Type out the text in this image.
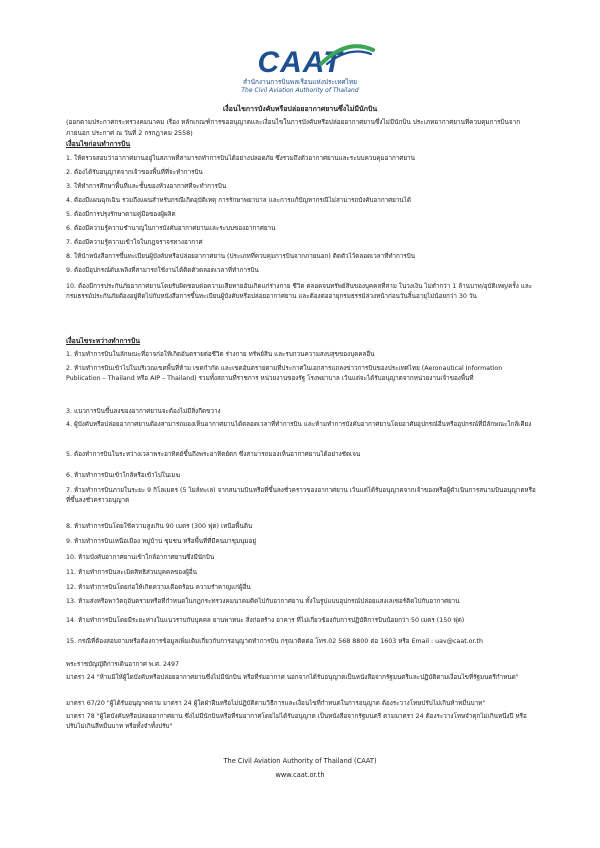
CAAT
สำนักงานการบินพลเรือนแห่งประเทศไทย
The Civil Aviation Authority of Thailand
เงื่อนไขการบังคับหรือปล่อยอากาศยานซึ่งไม่มีนักบิน
(ออกตามประกาศกระทรวงคมนาคม เรื่อง หลักเกณฑ์การขออนุญาตและเงื่อนไขในการบังคับหรือปล่อยอากาศยานซึ่งไม่มีนักบิน ประเภทอากาศยานที่ควบคุมการบินจากภายนอก ประกาศ ณ วันที่ 2 กรกฎาคม 2558)
เงื่อนไขก่อนทำการบิน
1. ให้ตรวจสอบว่าอากาศยานอยู่ในสภาพที่สามารถทำการบินได้อย่างปลอดภัย ซึ่งรวมถึงตัวอากาศยานและระบบควบคุมอากาศยาน
2. ต้องได้รับอนุญาตจากเจ้าของพื้นที่ที่จะทำการบิน
3. ให้ทำการศึกษาพื้นที่และชั้นของห้วงอากาศที่จะทำการบิน
4. ต้องมีแผนฉุกเฉิน รวมถึงแผนสำหรับกรณีเกิดอุบัติเหตุ การรักษาพยาบาล และการแก้ปัญหากรณีไม่สามารถบังคับอากาศยานได้
5. ต้องมีการปรุงรักษาตามคู่มือของผู้ผลิต
6. ต้องมีความรู้ความชำนาญในการบังคับอากาศยานและระบบของอากาศยาน
7. ต้องมีความรู้ความเข้าใจในกฎจราจรทางอากาศ
8. ให้นำหนังสือการขึ้นทะเบียนผู้บังคับหรือปล่อยอากาศยาน (ประเภทที่ควบคุมการบินจากภายนอก) ติดตัวไว้ตลอดเวลาที่ทำการบิน
9. ต้องมีอุปกรณ์ดับเพลิงที่สามารถใช้งานได้ติดตัวตลอดเวลาที่ทำการบิน
10. ต้องมีการประกันภัยอากาศยานโดยรับผิดชอบต่อความเสียหายอันเกิดแก่ร่างกาย ชีวิต ตลอดจนทรัพย์สินของบุคคลที่สาม ในวงเงิน ไม่ต่ำกว่า 1 ล้านบาท/อุบัติเหตุ/ครั้ง และกรมธรรม์ประกันภัยต้องอยู่ติดไปกับหนังสือการขึ้นทะเบียนผู้บังคับหรือปล่อยอากาศยาน และต้องต่ออายุกรมธรรม์ล่วงหน้าก่อนวันสิ้นอายุไม่น้อยกว่า 30 วัน
เงื่อนไขระหว่างทำการบิน
1. ห้ามทำการบินในลักษณะที่อาจก่อให้เกิดอันตรายต่อชีวิต ร่างกาย ทรัพย์สิน และรบกวนความสงบสุขของบุคคลอื่น
2. ห้ามทำการบินเข้าไปในบริเวณเขตพื้นที่ห้าม เขตกำกัด และเขตอันตรายตามที่ประกาศในเอกสารแถลงข่าวการบินของประเทศไทย (Aeronautical Information Publication – Thailand หรือ AIP – Thailand) รวมทั้งสถานที่ราชการ หน่วยงานของรัฐ โรงพยาบาล เว้นแต่จะได้รับอนุญาตจากหน่วยงานเจ้าของพื้นที่
3. แนวการบินขึ้นลงของอากาศยานจะต้องไม่มีสิ่งกีดขวาง
4. ผู้บังคับหรือปล่อยอากาศยานต้องสามารถมองเห็นอากาศยานได้ตลอดเวลาที่ทำการบิน และห้ามทำการบังคับอากาศยานโดยอาศัยอุปกรณ์อื่นหรืออุปกรณ์ที่มีลักษณะใกล้เคียง
5. ต้องทำการบินในระหว่างเวลาพระอาทิตย์ขึ้นถึงพระอาทิตย์ตก ซึ่งสามารถมองเห็นอากาศยานได้อย่างชัดเจน
6. ห้ามทำการบินเข้าใกล้หรือเข้าไปในเมฆ
7. ห้ามทำการบินภายในระยะ 9 กิโลเมตร (5 ไมล์ทะเล) จากสนามบินหรือที่ขึ้นลงชั่วคราวของอากาศยาน เว้นแต่ได้รับอนุญาตจากเจ้าของหรือผู้ดำเนินการสนามบินอนุญาตหรือที่ขึ้นลงชั่วคราวอนุญาต
8. ห้ามทำการบินโดยใช้ความสูงเกิน 90 เมตร (300 ฟุต) เหนือพื้นดิน
9. ห้ามทำการบินเหนือเมือง หมู่บ้าน ชุมชน หรือพื้นที่ที่มีคนมาชุมนุมอยู่
10. ห้ามบังคับอากาศยานเข้าใกล้อากาศยานซึ่งมีนักบิน
11. ห้ามทำการบินละเมิดสิทธิส่วนบุคคลของผู้อื่น
12. ห้ามทำการบินโดยก่อให้เกิดความเดือดร้อน ความรำคาญแก่ผู้อื่น
13. ห้ามส่งหรือพาวัตถุอันตรายหรือที่กำหนดในกฎกระทรวงคมนาคมติดไปกับอากาศยาน ทั้งในรูปแบบอุปกรณ์ปล่อยแสงเลเซอร์ติดไปกับอากาศยาน
14. ห้ามทำการบินโดยมีระยะห่างในแนวราบกับบุคคล ยานพาหนะ สิ่งก่อสร้าง อาคาร ที่ไม่เกี่ยวข้องกับการปฏิบัติการบินน้อยกว่า 50 เมตร (150 ฟุต)
15. กรณีที่ต้องสอบถามหรือต้องการข้อมูลเพิ่มเติมเกี่ยวกับการอนุญาตทำการบิน กรุณาติดต่อ โทร.02 568 8800 ต่อ 1603 หรือ Email : uav@caat.or.th
พระราชบัญญัติการเดินอากาศ พ.ศ. 2497
มาตรา 24 "ห้ามมิให้ผู้ใดบังคับหรือปล่อยอากาศยานซึ่งไม่มีนักบิน หรือที่ร่มอากาศ นอกจากได้รับอนุญาตเป็นหนังสือจากรัฐมนตรีและปฏิบัติตามเงื่อนไขที่รัฐมนตรีกำหนด"
มาตรา 67/20 "ผู้ได้รับอนุญาตตาม มาตรา 24 ผู้ใดฝ่าฝืนหรือไม่ปฏิบัติตามวิธีการและเงื่อนไขที่กำหนดในการอนุญาต ต้องระวางโทษปรับไม่เกินห้าหมื่นบาท"
มาตรา 78 "ผู้ใดบังคับหรือปล่อยอากาศยาน ซึ่งไม่มีนักบินหรือที่ร่มอากาศโดยไม่ได้รับอนุญาต เป็นหนังสือจากรัฐมนตรี ตามมาตรา 24 ต้องระวางโทษจำคุกไม่เกินหนึ่งปี หรือปรับไม่เกินสี่หมื่นบาท หรือทั้งจำทั้งปรับ"
The Civil Aviation Authority of Thailand (CAAT)
www.caat.or.th
